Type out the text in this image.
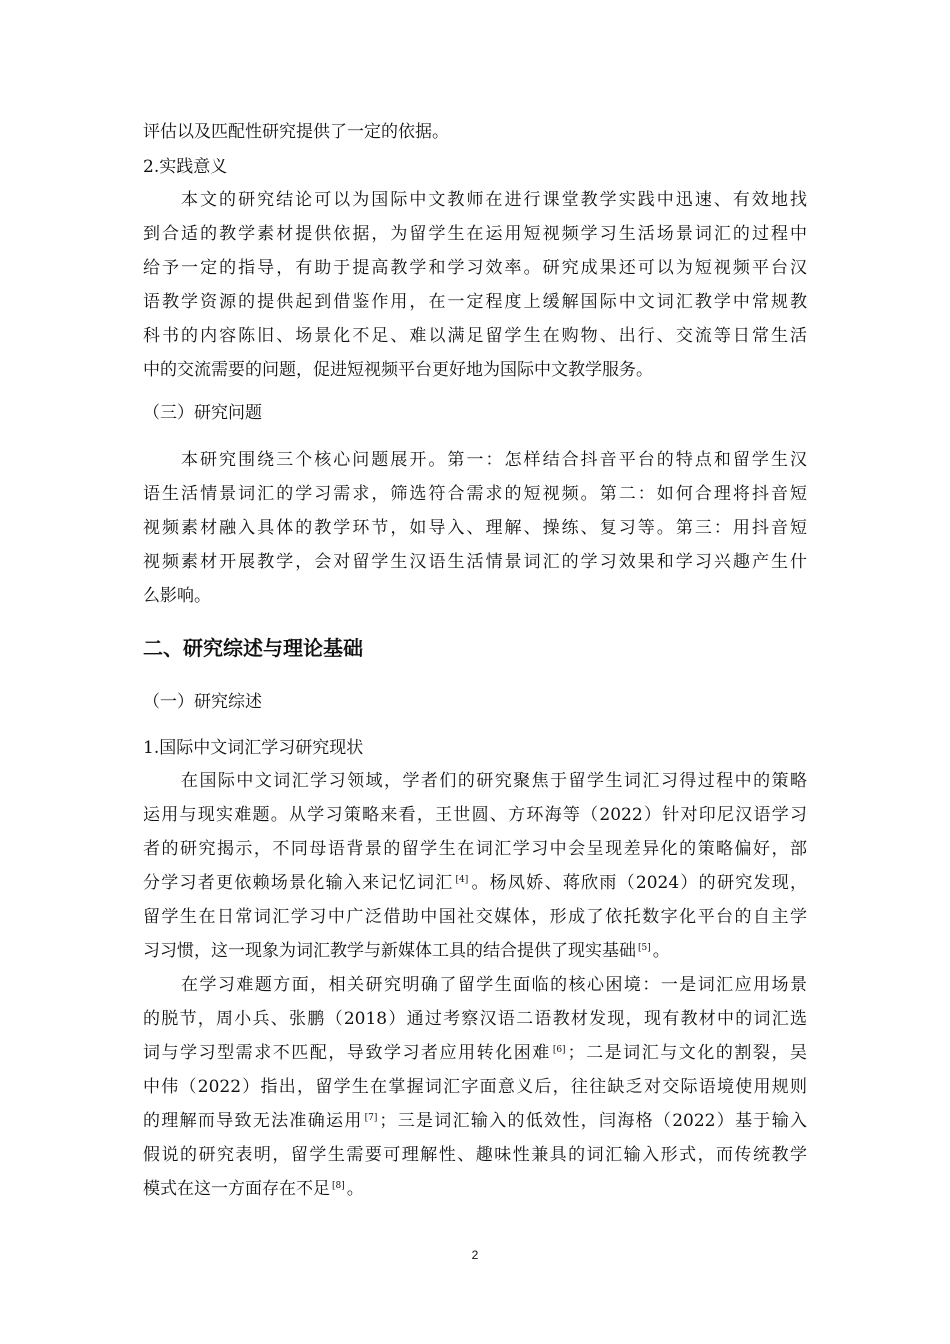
评估以及匹配性研究提供了一定的依据。
2.实践意义
本文的研究结论可以为国际中文教师在进行课堂教学实践中迅速、有效地找
到合适的教学素材提供依据，为留学生在运用短视频学习生活场景词汇的过程中
给予一定的指导，有助于提高教学和学习效率。研究成果还可以为短视频平台汉
语教学资源的提供起到借鉴作用，在一定程度上缓解国际中文词汇教学中常规教
科书的内容陈旧、场景化不足、难以满足留学生在购物、出行、交流等日常生活
中的交流需要的问题，促进短视频平台更好地为国际中文教学服务。
（三）研究问题
本研究围绕三个核心问题展开。第一：怎样结合抖音平台的特点和留学生汉
语生活情景词汇的学习需求，筛选符合需求的短视频。第二：如何合理将抖音短
视频素材融入具体的教学环节，如导入、理解、操练、复习等。第三：用抖音短
视频素材开展教学，会对留学生汉语生活情景词汇的学习效果和学习兴趣产生什
么影响。
二、研究综述与理论基础
（一）研究综述
1.国际中文词汇学习研究现状
在国际中文词汇学习领域，学者们的研究聚焦于留学生词汇习得过程中的策略
运用与现实难题。从学习策略来看，王世圆、方环海等（2022）针对印尼汉语学习
者的研究揭示，不同母语背景的留学生在词汇学习中会呈现差异化的策略偏好，部
分学习者更依赖场景化输入来记忆词汇 [4] 。杨凤娇、蒋欣雨（2024）的研究发现，
留学生在日常词汇学习中广泛借助中国社交媒体，形成了依托数字化平台的自主学
习习惯，这一现象为词汇教学与新媒体工具的结合提供了现实基础 [5] 。
在学习难题方面，相关研究明确了留学生面临的核心困境：一是词汇应用场景
的脱节，周小兵、张鹏（2018）通过考察汉语二语教材发现，现有教材中的词汇选
词与学习型需求不匹配，导致学习者应用转化困难 [6] ；二是词汇与文化的割裂，吴
中伟（2022）指出，留学生在掌握词汇字面意义后，往往缺乏对交际语境使用规则
的理解而导致无法准确运用 [7] ；三是词汇输入的低效性，闫海格（2022）基于输入
假说的研究表明，留学生需要可理解性、趣味性兼具的词汇输入形式，而传统教学
模式在这一方面存在不足 [8] 。
2
